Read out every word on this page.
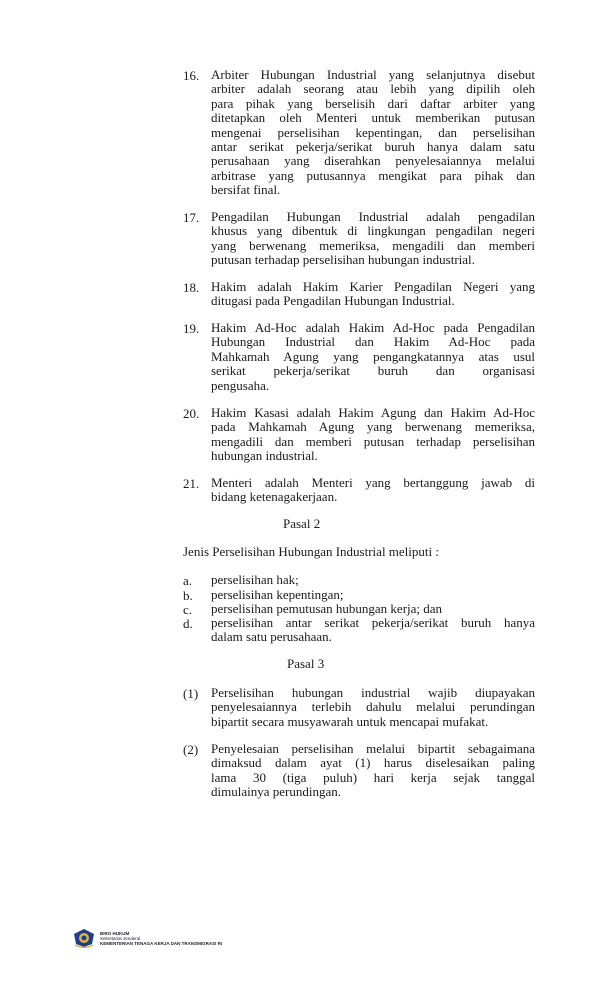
16. Arbiter Hubungan Industrial yang selanjutnya disebut
arbiter adalah seorang atau lebih yang dipilih oleh
para pihak yang berselisih dari daftar arbiter yang
ditetapkan oleh Menteri untuk memberikan putusan
mengenai perselisihan kepentingan, dan perselisihan
antar serikat pekerja/serikat buruh hanya dalam satu
perusahaan yang diserahkan penyelesaiannya melalui
arbitrase yang putusannya mengikat para pihak dan
bersifat final.
17. Pengadilan Hubungan Industrial adalah pengadilan
khusus yang dibentuk di lingkungan pengadilan negeri
yang berwenang memeriksa, mengadili dan memberi
putusan terhadap perselisihan hubungan industrial.
18. Hakim adalah Hakim Karier Pengadilan Negeri yang
ditugasi pada Pengadilan Hubungan Industrial.
19. Hakim Ad-Hoc adalah Hakim Ad-Hoc pada Pengadilan
Hubungan Industrial dan Hakim Ad-Hoc pada
Mahkamah Agung yang pengangkatannya atas usul
serikat pekerja/serikat buruh dan organisasi
pengusaha.
20. Hakim Kasasi adalah Hakim Agung dan Hakim Ad-Hoc
pada Mahkamah Agung yang berwenang memeriksa,
mengadili dan memberi putusan terhadap perselisihan
hubungan industrial.
21. Menteri adalah Menteri yang bertanggung jawab di
bidang ketenagakerjaan.
a. perselisihan hak;
b. perselisihan kepentingan;
c. perselisihan pemutusan hubungan kerja; dan
d. perselisihan antar serikat pekerja/serikat buruh hanya
dalam satu perusahaan.
(1) Perselisihan hubungan industrial wajib diupayakan
penyelesaiannya terlebih dahulu melalui perundingan
bipartit secara musyawarah untuk mencapai mufakat.
(2) Penyelesaian perselisihan melalui bipartit sebagaimana
dimaksud dalam ayat (1) harus diselesaikan paling
lama 30 (tiga puluh) hari kerja sejak tanggal
dimulainya perundingan.
Pasal 2
Jenis Perselisihan Hubungan Industrial meliputi :
Pasal 3
BIRO HUKUM
Sekretariat Jenderal
KEMENTERIAN TENAGA KERJA DAN TRANSMIGRASI RI
